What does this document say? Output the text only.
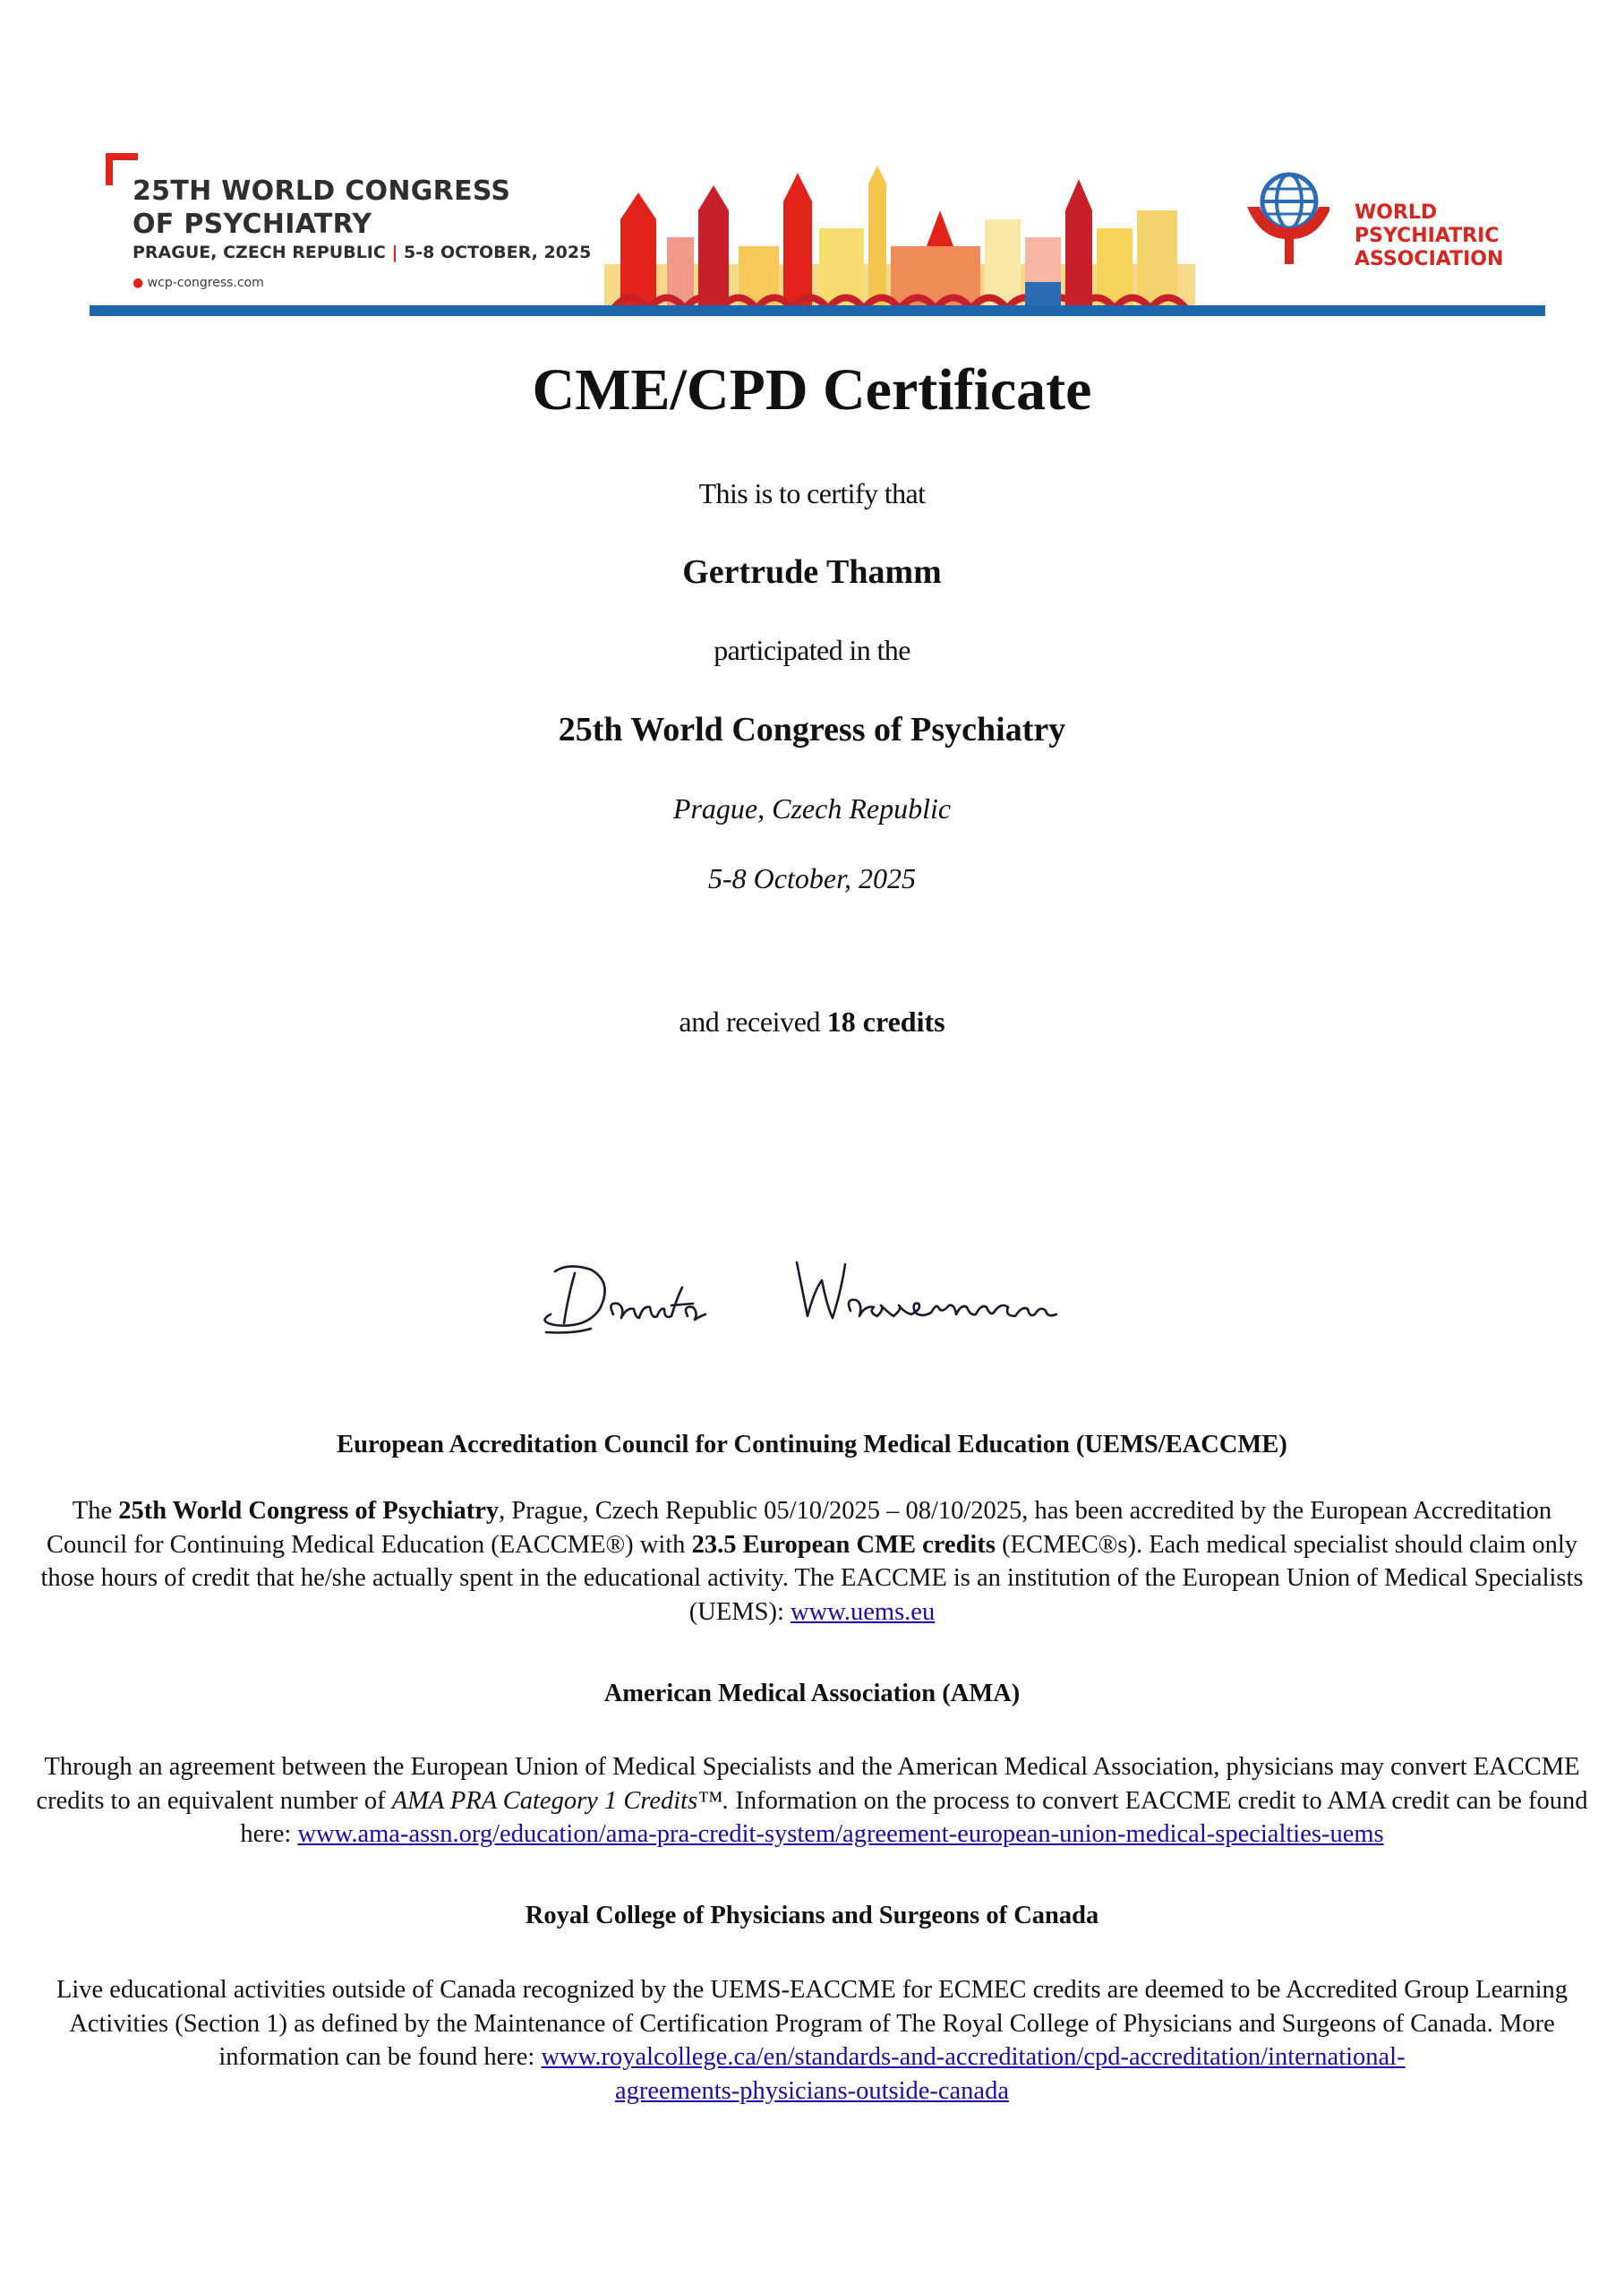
25TH WORLD CONGRESS
OF PSYCHIATRY
PRAGUE, CZECH REPUBLIC | 5-8 OCTOBER, 2025
● wcp-congress.com
WORLD
PSYCHIATRIC
ASSOCIATION
CME/CPD Certificate
This is to certify that
Gertrude Thamm
participated in the
25th World Congress of Psychiatry
Prague, Czech Republic
5-8 October, 2025
and received 18 credits
European Accreditation Council for Continuing Medical Education (UEMS/EACCME)
The 25th World Congress of Psychiatry, Prague, Czech Republic 05/10/2025 – 08/10/2025, has been accredited by the European Accreditation Council for Continuing Medical Education (EACCME®) with 23.5 European CME credits (ECMEC®s). Each medical specialist should claim only those hours of credit that he/she actually spent in the educational activity. The EACCME is an institution of the European Union of Medical Specialists (UEMS): www.uems.eu
American Medical Association (AMA)
Through an agreement between the European Union of Medical Specialists and the American Medical Association, physicians may convert EACCME credits to an equivalent number of AMA PRA Category 1 Credits™. Information on the process to convert EACCME credit to AMA credit can be found here: www.ama-assn.org/education/ama-pra-credit-system/agreement-european-union-medical-specialties-uems
Royal College of Physicians and Surgeons of Canada
Live educational activities outside of Canada recognized by the UEMS-EACCME for ECMEC credits are deemed to be Accredited Group Learning Activities (Section 1) as defined by the Maintenance of Certification Program of The Royal College of Physicians and Surgeons of Canada. More information can be found here: www.royalcollege.ca/en/standards-and-accreditation/cpd-accreditation/international-
agreements-physicians-outside-canada
